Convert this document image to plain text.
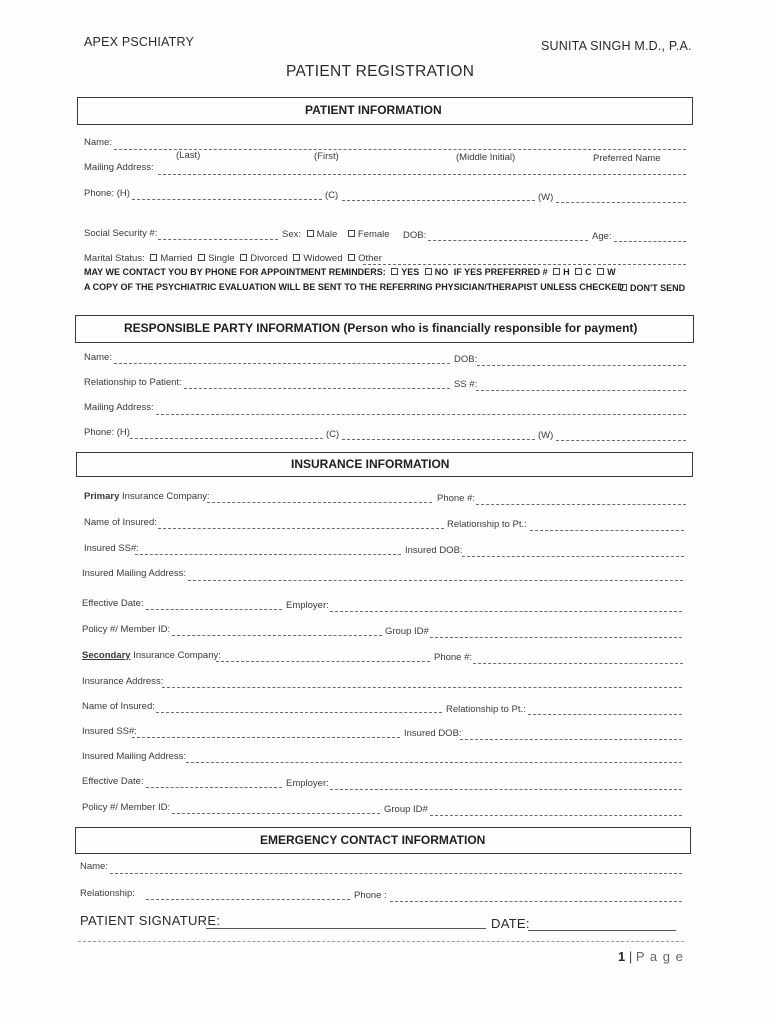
APEX PSCHIATRY	SUNITA SINGH M.D., P.A.
PATIENT REGISTRATION
PATIENT INFORMATION
Name:
(Last)	(First)	(Middle Initial)	Preferred Name
Mailing Address:
Phone: (H)	(C)	(W)
Social Security #:	Sex: Male Female DOB:	Age:
Marital Status: Married Single Divorced Widowed Other
MAY WE CONTACT YOU BY PHONE FOR APPOINTMENT REMINDERS: YES NO IF YES PREFERRED # H C W
A COPY OF THE PSYCHIATRIC EVALUATION WILL BE SENT TO THE REFERRING PHYSICIAN/THERAPIST UNLESS CHECKED DON'T SEND
RESPONSIBLE PARTY INFORMATION (Person who is financially responsible for payment)
Name:	DOB:
Relationship to Patient:	SS #:
Mailing Address:
Phone: (H)	(C)	(W)
INSURANCE INFORMATION
Primary Insurance Company:	Phone #:
Name of Insured:	Relationship to Pt.:
Insured SS#:	Insured DOB:
Insured Mailing Address:
Effective Date:	Employer:
Policy #/ Member ID:	Group ID#
Secondary Insurance Company:	Phone #:
Insurance Address:
Name of Insured:	Relationship to Pt.:
Insured SS#:	Insured DOB:
Insured Mailing Address:
Effective Date:	Employer:
Policy #/ Member ID:	Group ID#
EMERGENCY CONTACT INFORMATION
Name:
Relationship:	Phone :
PATIENT SIGNATURE:	DATE:
1 | P a g e
